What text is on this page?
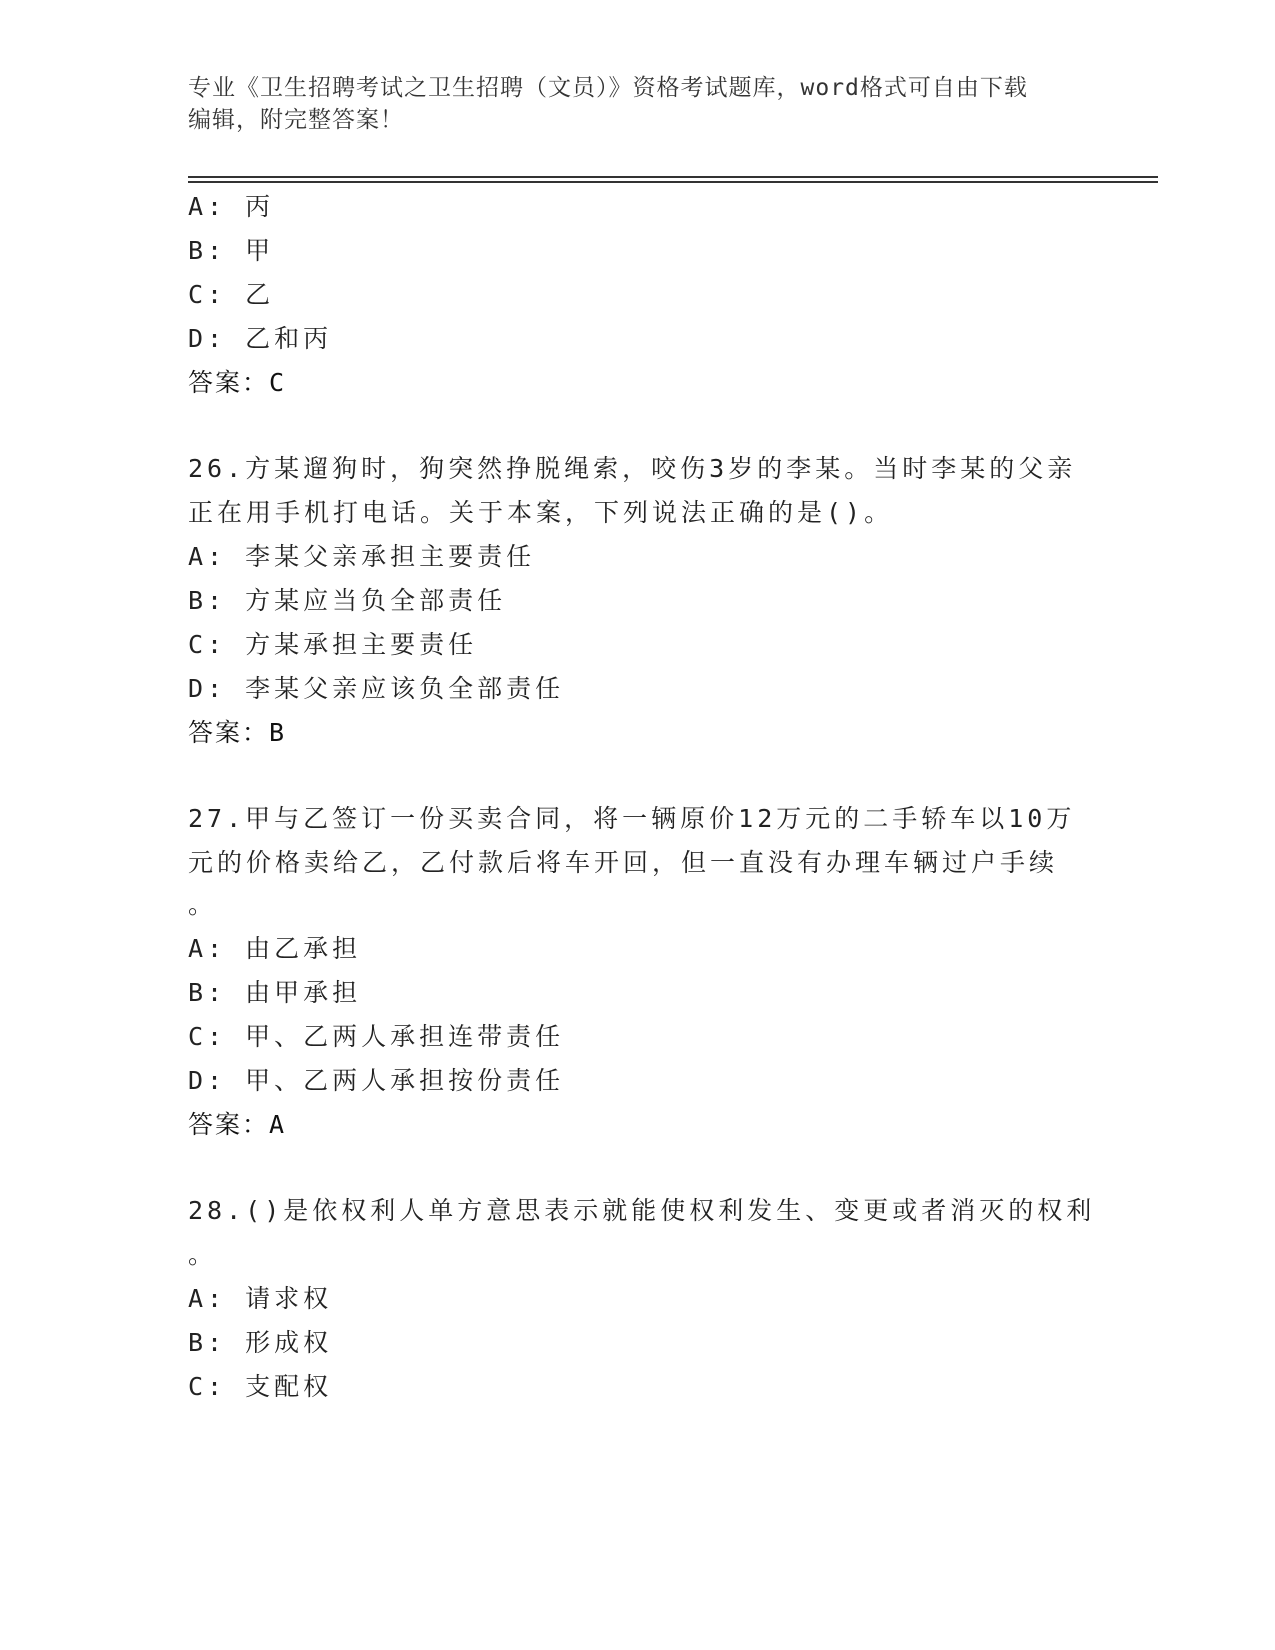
专业《卫生招聘考试之卫生招聘（文员）》资格考试题库，word格式可自由下载
编辑，附完整答案！
A: 丙
B: 甲
C: 乙
D: 乙和丙
答案：C
26.方某遛狗时，狗突然挣脱绳索，咬伤3岁的李某。当时李某的父亲
正在用手机打电话。关于本案，下列说法正确的是()。
A: 李某父亲承担主要责任
B: 方某应当负全部责任
C: 方某承担主要责任
D: 李某父亲应该负全部责任
答案：B
27.甲与乙签订一份买卖合同，将一辆原价12万元的二手轿车以10万
元的价格卖给乙，乙付款后将车开回，但一直没有办理车辆过户手续
。
A: 由乙承担
B: 由甲承担
C: 甲、乙两人承担连带责任
D: 甲、乙两人承担按份责任
答案：A
28.()是依权利人单方意思表示就能使权利发生、变更或者消灭的权利
。
A: 请求权
B: 形成权
C: 支配权
